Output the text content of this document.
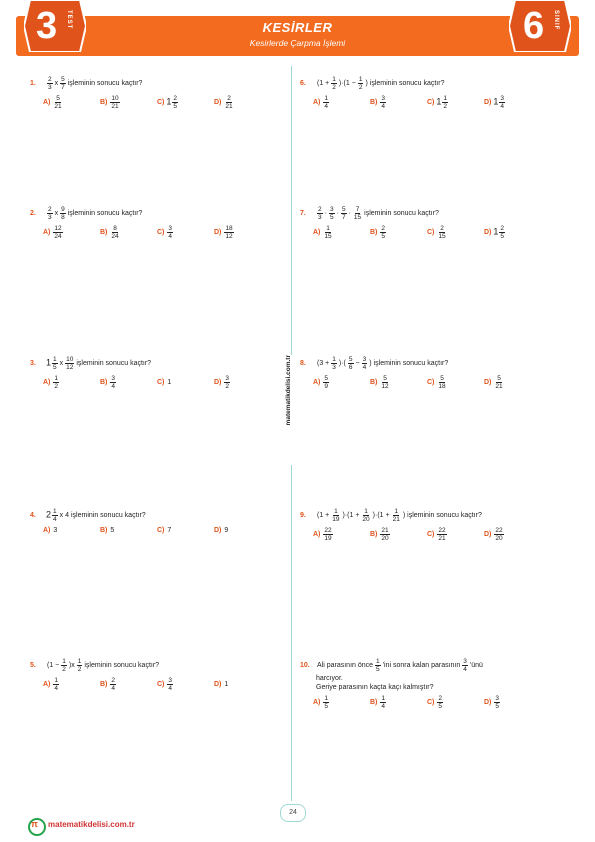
KESİRLER
Kesirlerde Çarpma İşlemi
3 TEST	6 SINIF
matematikdelisi.com.tr
1.	$\frac{2}{3}$ x $\frac{5}{7}$ işleminin sonucu kaçtır?
$A) \frac{5}{21}$	$B) \frac{10}{21}$	C) $1 \frac{2}{5}$	$D) \frac{2}{21}$
2.	$\frac{2}{3}$ x $\frac{9}{8}$ işleminin sonucu kaçtır?
$A) \frac{12}{24}$	$B) \frac{8}{24}$	$C) \frac{3}{4}$	$D) \frac{18}{12}$
3.	$1 \frac{1}{5}$ x $\frac{10}{12}$ işleminin sonucu kaçtır?
$A) \frac{1}{2}$	$B) \frac{3}{4}$	C) 1	$D) \frac{3}{2}$
4.	$2 \frac{1}{4}$ x 4 işleminin sonucu kaçtır?
A) 3	B) 5	C) 7	D) 9
5.	$(1 - \frac{1}{2} )x \frac{1}{2}$ işleminin sonucu kaçtır?
$A) \frac{1}{4}$	$B) \frac{2}{4}$	$C) \frac{3}{4}$	D) 1
6.	$(1 + \frac{1}{2} )\cdot(1 - \frac{1}{2}$ ) işleminin sonucu kaçtır?
$A) \frac{1}{4}$	$B) \frac{3}{4}$	C) $1 \frac{1}{2}$	D) $1 \frac{3}{4}$
7.	$\frac{2}{3} \cdot \frac{3}{5} \cdot \frac{5}{7} \cdot \frac{7}{15}$ işleminin sonucu kaçtır?
$A) \frac{1}{15}$	$B) \frac{2}{5}$	$C) \frac{2}{15}$	D) $1 \frac{2}{5}$
8.	($3 + \frac{1}{3}$ )·( $\frac{5}{6} - \frac{3}{4}$ ) işleminin sonucu kaçtır?
$A) \frac{5}{9}$	$B) \frac{5}{12}$	$C) \frac{5}{18}$	$D) \frac{5}{21}$
9.	$(1 + \frac{1}{19} )\cdot(1 + \frac{1}{20} )\cdot(1 + \frac{1}{21}$ ) işleminin sonucu kaçtır?
$A) \frac{22}{19}$	$B) \frac{21}{20}$	$C) \frac{22}{21}$	$D) \frac{22}{20}$
10.	Ali parasının önce $\frac{1}{5}$ 'ini sonra kalan parasının $\frac{3}{4}$ 'ünü
harcıyor.
Geriye parasının kaçta kaçı kalmıştır?
$A) \frac{1}{5}$	$B) \frac{1}{4}$	$C) \frac{2}{5}$	$D) \frac{3}{5}$
24
π matematikdelisi.com.tr
